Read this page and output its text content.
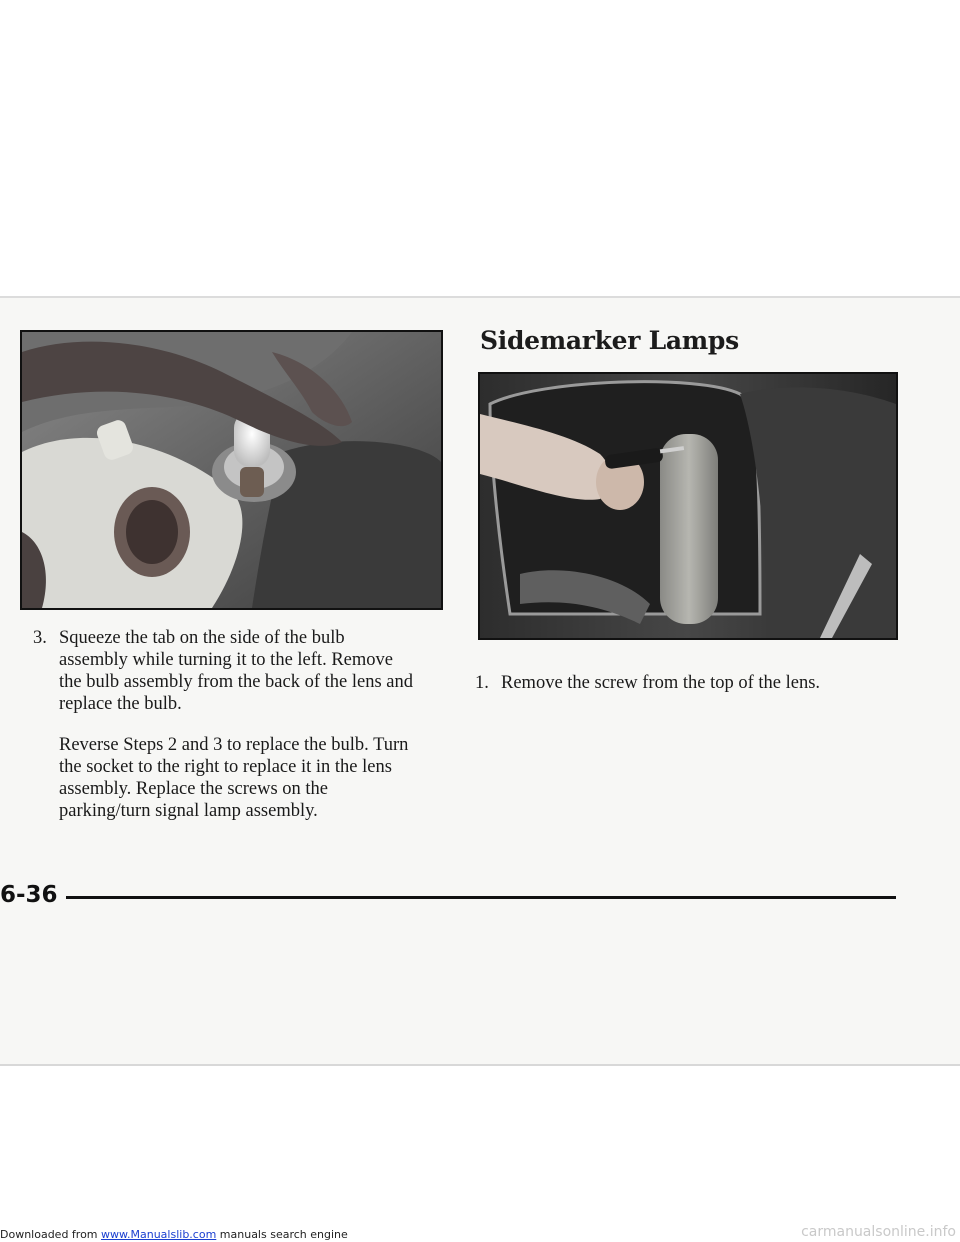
Sidemarker Lamps

3. Squeeze the tab on the side of the bulb assembly while turning it to the left. Remove the bulb assembly from the back of the lens and replace the bulb.

Reverse Steps 2 and 3 to replace the bulb. Turn the socket to the right to replace it in the lens assembly. Replace the screws on the parking/turn signal lamp assembly.

1. Remove the screw from the top of the lens.

6-36

Downloaded from www.Manualslib.com manuals search engine	carmanualsonline.info
